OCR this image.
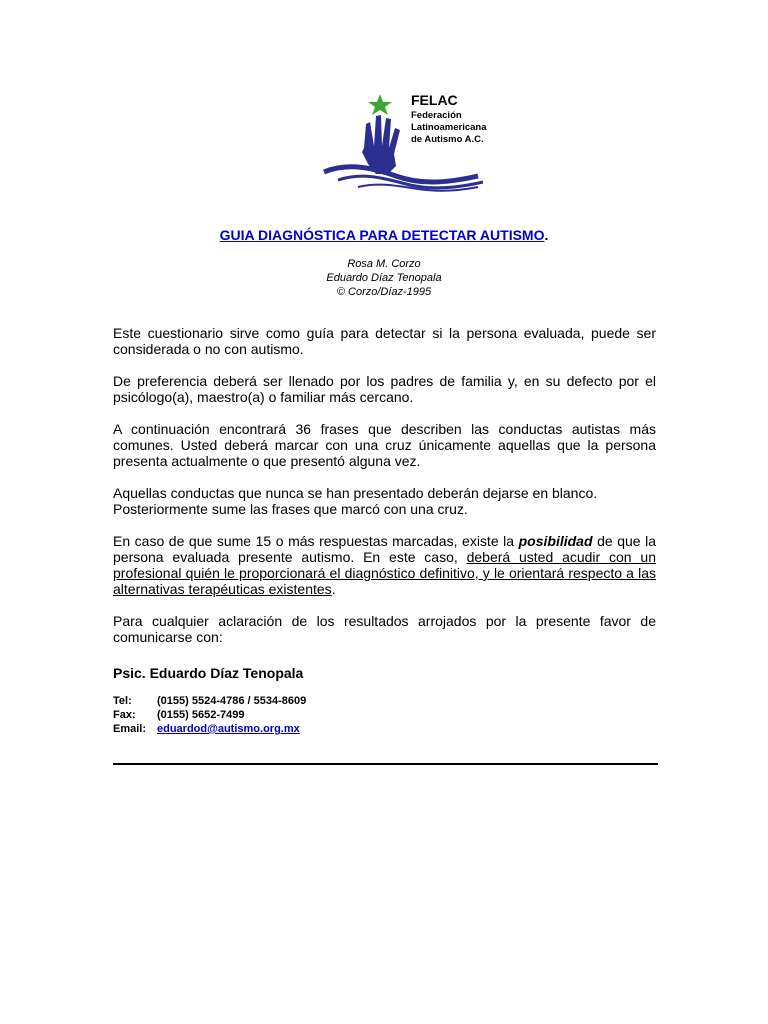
FELAC
Federación
Latinoamericana
de Autismo A.C.
GUIA DIAGNÓSTICA PARA DETECTAR AUTISMO.
Rosa M. Corzo
Eduardo Díaz Tenopala
© Corzo/Díaz-1995

Este cuestionario sirve como guía para detectar si la persona evaluada, puede ser considerada o no con autismo.

De preferencia deberá ser llenado por los padres de familia y, en su defecto por el psicólogo(a), maestro(a) o familiar más cercano.

A continuación encontrará 36 frases que describen las conductas autistas más comunes. Usted deberá marcar con una cruz únicamente aquellas que la persona presenta actualmente o que presentó alguna vez.

Aquellas conductas que nunca se han presentado deberán dejarse en blanco.
Posteriormente sume las frases que marcó con una cruz.

En caso de que sume 15 o más respuestas marcadas, existe la posibilidad de que la persona evaluada presente autismo. En este caso, deberá usted acudir con un profesional quién le proporcionará el diagnóstico definitivo, y le orientará respecto a las alternativas terapéuticas existentes.

Para cualquier aclaración de los resultados arrojados por la presente favor de comunicarse con:

Psic. Eduardo Díaz Tenopala
Tel:	(0155) 5524-4786 / 5534-8609
Fax:	(0155) 5652-7499
Email: eduardod@autismo.org.mx
